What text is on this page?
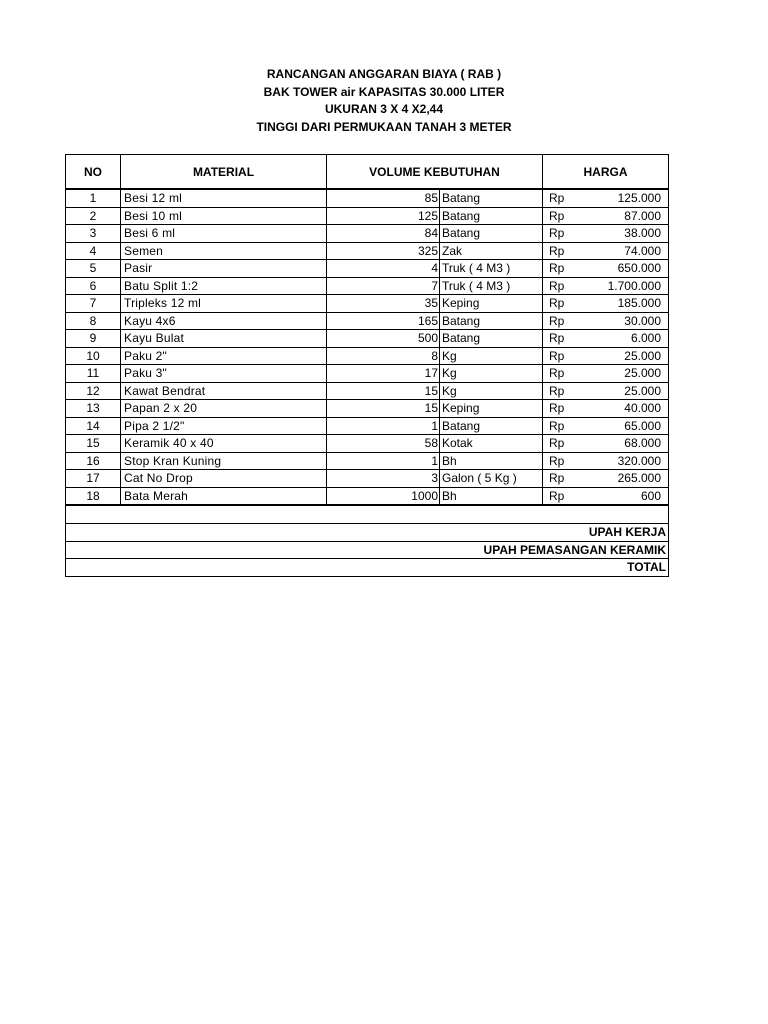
RANCANGAN ANGGARAN BIAYA ( RAB )
BAK TOWER air KAPASITAS 30.000 LITER
UKURAN 3 X 4 X2,44
TINGGI DARI PERMUKAAN TANAH 3 METER
NO	MATERIAL	VOLUME KEBUTUHAN		HARGA	
1	Besi 12 ml	85	Batang	Rp	125.000
2	Besi 10 ml	125	Batang	Rp	87.000
3	Besi 6 ml	84	Batang	Rp	38.000
4	Semen	325	Zak	Rp	74.000
5	Pasir	4	Truk ( 4 M3 )	Rp	650.000
6	Batu Split 1:2	7	Truk ( 4 M3 )	Rp	1.700.000
7	Tripleks 12 ml	35	Keping	Rp	185.000
8	Kayu 4x6	165	Batang	Rp	30.000
9	Kayu Bulat	500	Batang	Rp	6.000
10	Paku 2"	8	Kg	Rp	25.000
11	Paku 3"	17	Kg	Rp	25.000
12	Kawat Bendrat	15	Kg	Rp	25.000
13	Papan 2 x 20	15	Keping	Rp	40.000
14	Pipa 2 1/2"	1	Batang	Rp	65.000
15	Keramik 40 x 40	58	Kotak	Rp	68.000
16	Stop Kran Kuning	1	Bh	Rp	320.000
17	Cat No Drop	3	Galon ( 5 Kg )	Rp	265.000
18	Bata Merah	1000	Bh	Rp	600

UPAH KERJA					
UPAH PEMASANGAN KERAMIK					
TOTAL					
